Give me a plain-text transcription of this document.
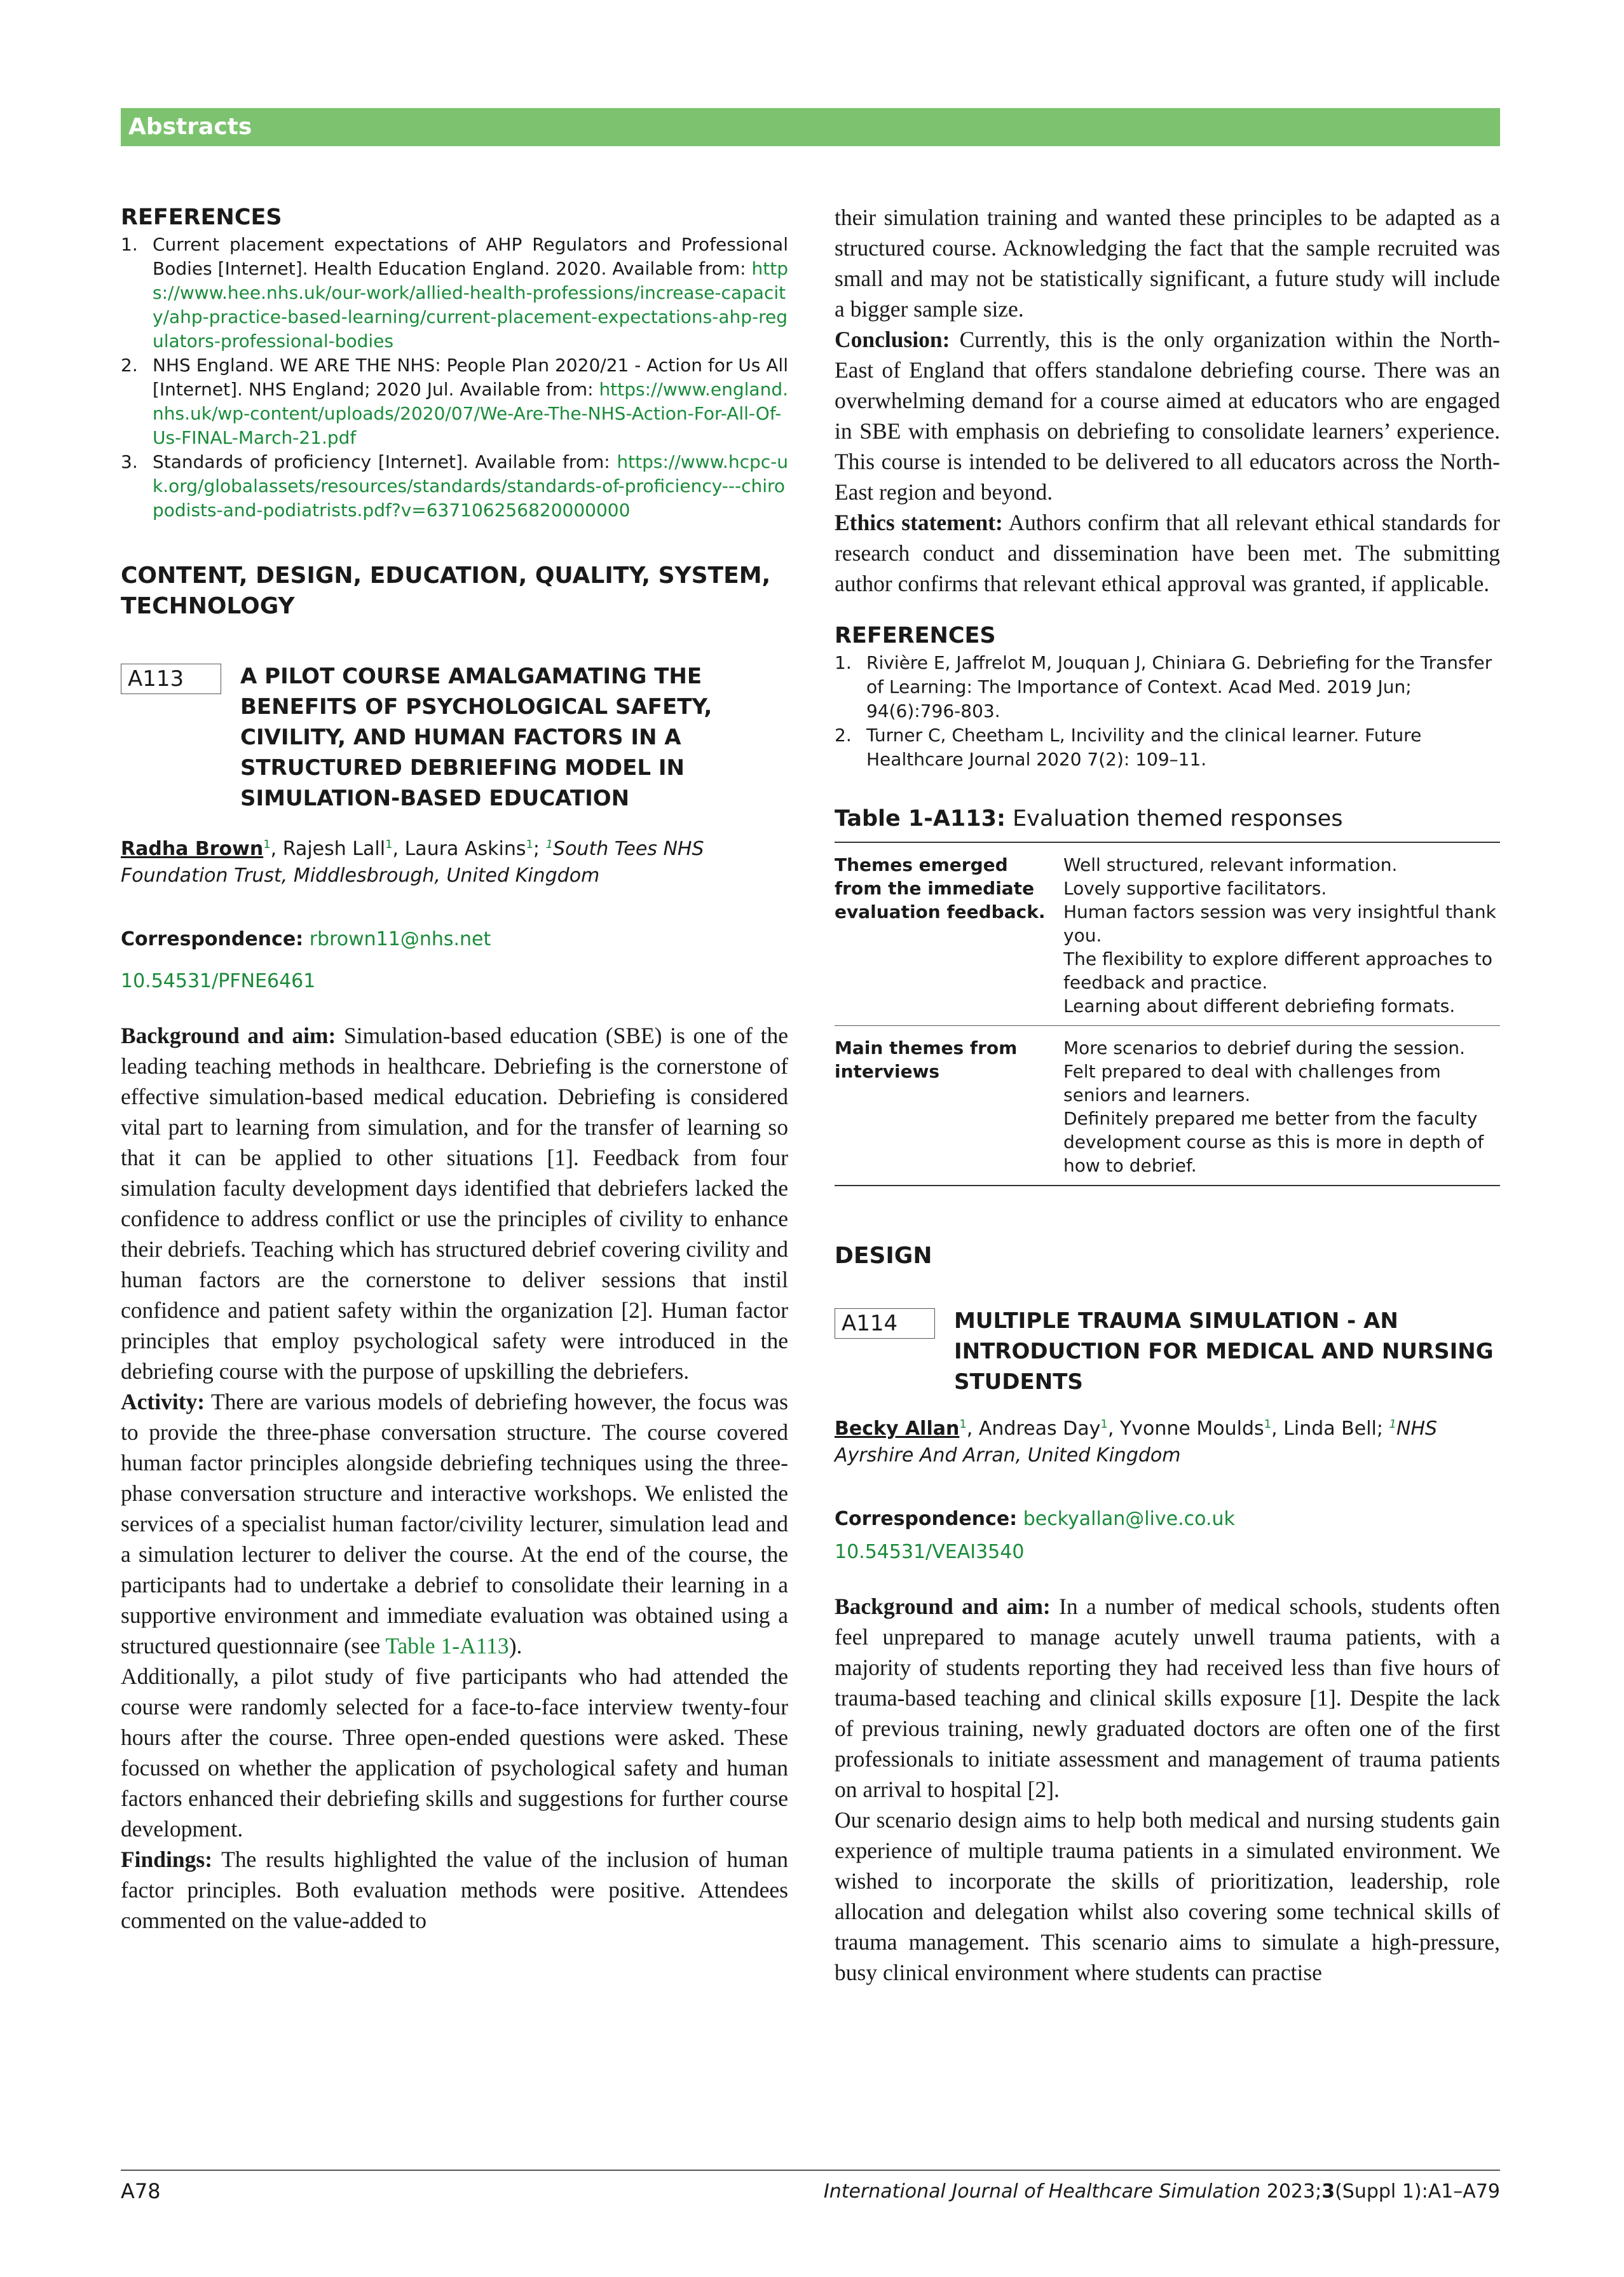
Abstracts
REFERENCES
1. Current placement expectations of AHP Regulators and Professional Bodies [Internet]. Health Education England. 2020. Available from: https://www.hee.nhs.uk/our-work/allied-health-professions/increase-capacity/ahp-practice-based-learning/current-placement-expectations-ahp-regulators-professional-bodies
2. NHS England. WE ARE THE NHS: People Plan 2020/21 - Action for Us All [Internet]. NHS England; 2020 Jul. Available from: https://www.england.nhs.uk/wp-content/uploads/2020/07/We-Are-The-NHS-Action-For-All-Of-Us-FINAL-March-21.pdf
3. Standards of proficiency [Internet]. Available from: https://www.hcpc-uk.org/globalassets/resources/standards/standards-of-proficiency---chiropodists-and-podiatrists.pdf?v=637106256820000000
CONTENT, DESIGN, EDUCATION, QUALITY, SYSTEM, TECHNOLOGY
A113	A PILOT COURSE AMALGAMATING THE BENEFITS OF PSYCHOLOGICAL SAFETY, CIVILITY, AND HUMAN FACTORS IN A STRUCTURED DEBRIEFING MODEL IN SIMULATION-BASED EDUCATION
Radha Brown$^1$, Rajesh Lall$^1$, Laura Askins$^1$; $^1$South Tees NHS Foundation Trust, Middlesbrough, United Kingdom
Correspondence: rbrown11@nhs.net
10.54531/PFNE6461

Background and aim: Simulation-based education (SBE) is one of the leading teaching methods in healthcare. Debriefing is the cornerstone of effective simulation-based medical education. Debriefing is considered vital part to learning from simulation, and for the transfer of learning so that it can be applied to other situations [1]. Feedback from four simulation faculty development days identified that debriefers lacked the confidence to address conflict or use the principles of civility to enhance their debriefs. Teaching which has structured debrief covering civility and human factors are the cornerstone to deliver sessions that instil confidence and patient safety within the organization [2]. Human factor principles that employ psychological safety were introduced in the debriefing course with the purpose of upskilling the debriefers.

Activity: There are various models of debriefing however, the focus was to provide the three-phase conversation structure. The course covered human factor principles alongside debriefing techniques using the three-phase conversation structure and interactive workshops. We enlisted the services of a specialist human factor/civility lecturer, simulation lead and a simulation lecturer to deliver the course. At the end of the course, the participants had to undertake a debrief to consolidate their learning in a supportive environment and immediate evaluation was obtained using a structured questionnaire (see Table 1-A113).

Additionally, a pilot study of five participants who had attended the course were randomly selected for a face-to-face interview twenty-four hours after the course. Three open-ended questions were asked. These focussed on whether the application of psychological safety and human factors enhanced their debriefing skills and suggestions for further course development.

Findings: The results highlighted the value of the inclusion of human factor principles. Both evaluation methods were positive. Attendees commented on the value-added to

their simulation training and wanted these principles to be adapted as a structured course. Acknowledging the fact that the sample recruited was small and may not be statistically significant, a future study will include a bigger sample size.

Conclusion: Currently, this is the only organization within the North-East of England that offers standalone debriefing course. There was an overwhelming demand for a course aimed at educators who are engaged in SBE with emphasis on debriefing to consolidate learners’ experience. This course is intended to be delivered to all educators across the North-East region and beyond.

Ethics statement: Authors confirm that all relevant ethical standards for research conduct and dissemination have been met. The submitting author confirms that relevant ethical approval was granted, if applicable.

REFERENCES
1. Rivière E, Jaffrelot M, Jouquan J, Chiniara G. Debriefing for the Transfer of Learning: The Importance of Context. Acad Med. 2019 Jun; 94(6):796-803.
2. Turner C, Cheetham L, Incivility and the clinical learner. Future Healthcare Journal 2020 7(2): 109–11.
Table 1-A113: Evaluation themed responses
Themes emerged from the immediate evaluation feedback.	Well structured, relevant information.
Lovely supportive facilitators.
Human factors session was very insightful thank you.
The flexibility to explore different approaches to feedback and practice.
Learning about different debriefing formats.

Main themes from interviews	More scenarios to debrief during the session.
Felt prepared to deal with challenges from seniors and learners.
Definitely prepared me better from the faculty development course as this is more in depth of how to debrief.
DESIGN
A114	MULTIPLE TRAUMA SIMULATION - AN INTRODUCTION FOR MEDICAL AND NURSING STUDENTS
Becky Allan$^1$, Andreas Day$^1$, Yvonne Moulds$^1$, Linda Bell; $^1$NHS Ayrshire And Arran, United Kingdom
Correspondence: beckyallan@live.co.uk
10.54531/VEAI3540

Background and aim: In a number of medical schools, students often feel unprepared to manage acutely unwell trauma patients, with a majority of students reporting they had received less than five hours of trauma-based teaching and clinical skills exposure [1]. Despite the lack of previous training, newly graduated doctors are often one of the first professionals to initiate assessment and management of trauma patients on arrival to hospital [2].

Our scenario design aims to help both medical and nursing students gain experience of multiple trauma patients in a simulated environment. We wished to incorporate the skills of prioritization, leadership, role allocation and delegation whilst also covering some technical skills of trauma management. This scenario aims to simulate a high-pressure, busy clinical environment where students can practise

A78	International Journal of Healthcare Simulation 2023;3(Suppl 1):A1–A79
